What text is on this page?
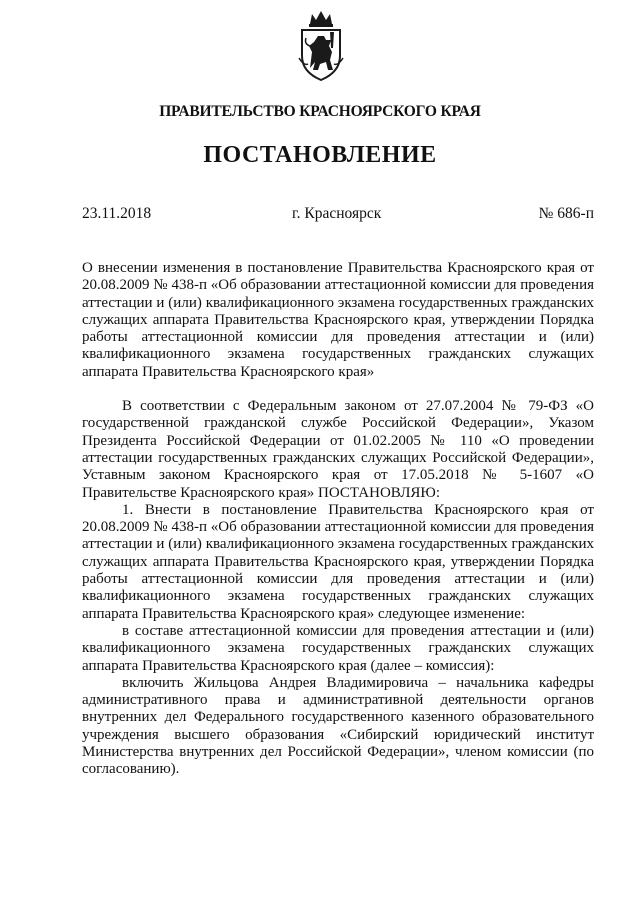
ПРАВИТЕЛЬСТВО КРАСНОЯРСКОГО КРАЯ
ПОСТАНОВЛЕНИЕ
23.11.2018	г. Красноярск	№ 686-п

О внесении изменения в постановление Правительства Красноярского края от 20.08.2009 № 438-п «Об образовании аттестационной комиссии для проведения аттестации и (или) квалификационного экзамена государственных гражданских служащих аппарата Правительства Красноярского края, утверждении Порядка работы аттестационной комиссии для проведения аттестации и (или) квалификационного экзамена государственных гражданских служащих аппарата Правительства Красноярского края»

В соответствии с Федеральным законом от 27.07.2004 № 79-ФЗ «О государственной гражданской службе Российской Федерации», Указом Президента Российской Федерации от 01.02.2005 № 110 «О проведении аттестации государственных гражданских служащих Российской Федерации», Уставным законом Красноярского края от 17.05.2018 № 5-1607 «О Правительстве Красноярского края» ПОСТАНОВЛЯЮ:

1. Внести в постановление Правительства Красноярского края от 20.08.2009 № 438-п «Об образовании аттестационной комиссии для проведения аттестации и (или) квалификационного экзамена государственных гражданских служащих аппарата Правительства Красноярского края, утверждении Порядка работы аттестационной комиссии для проведения аттестации и (или) квалификационного экзамена государственных гражданских служащих аппарата Правительства Красноярского края» следующее изменение:

в составе аттестационной комиссии для проведения аттестации и (или) квалификационного экзамена государственных гражданских служащих аппарата Правительства Красноярского края (далее – комиссия):

включить Жильцова Андрея Владимировича – начальника кафедры административного права и административной деятельности органов внутренних дел Федерального государственного казенного образовательного учреждения высшего образования «Сибирский юридический институт Министерства внутренних дел Российской Федерации», членом комиссии (по согласованию).
